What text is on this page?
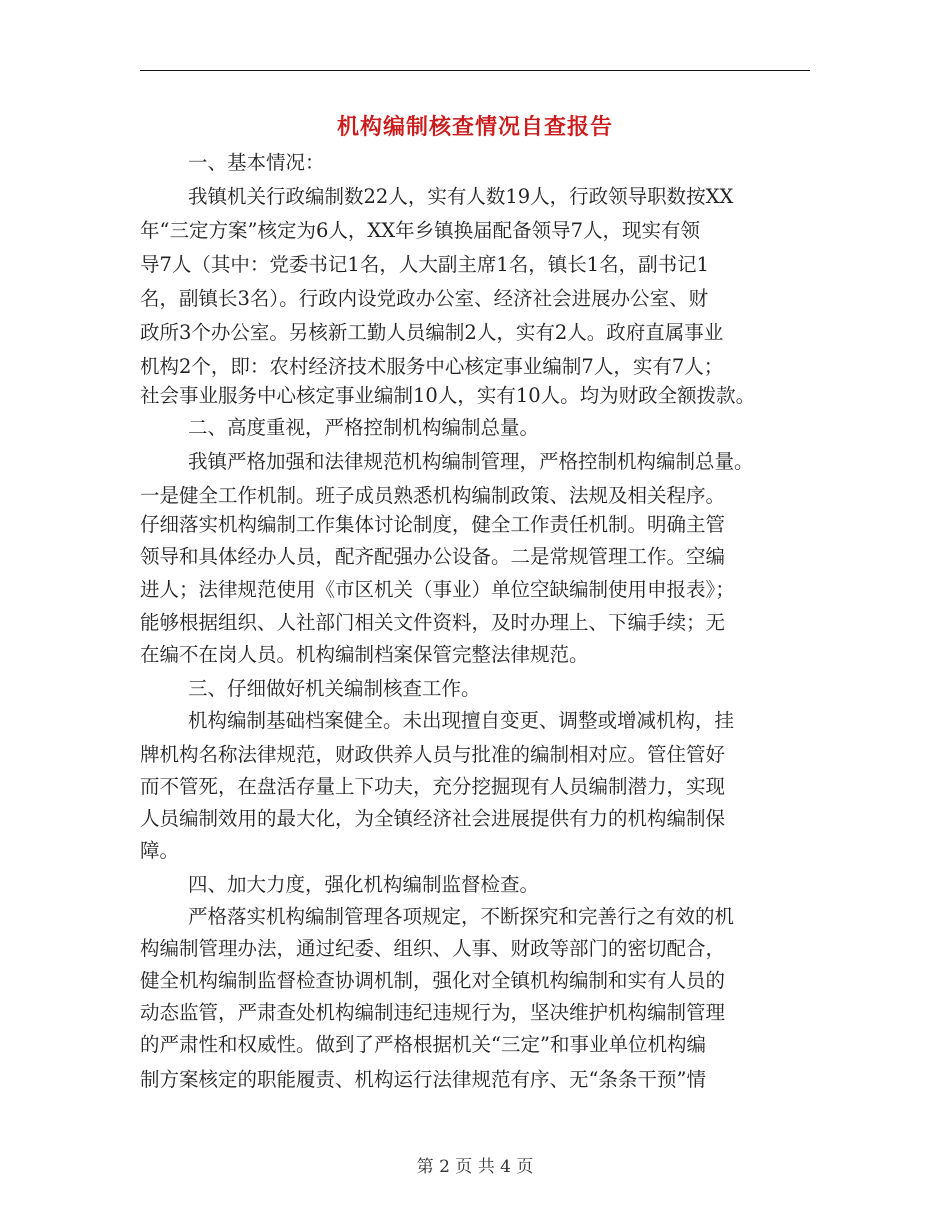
机构编制核查情况自查报告
一、基本情况：
我镇机关行政编制数22人，实有人数19人，行政领导职数按XX
年“三定方案”核定为6人，XX年乡镇换届配备领导7人，现实有领
导7人（其中：党委书记1名，人大副主席1名，镇长1名，副书记1
名，副镇长3名）。行政内设党政办公室、经济社会进展办公室、财
政所3个办公室。另核新工勤人员编制2人，实有2人。政府直属事业
机构2个，即：农村经济技术服务中心核定事业编制7人，实有7人；
社会事业服务中心核定事业编制10人，实有10人。均为财政全额拨款。
二、高度重视，严格控制机构编制总量。
我镇严格加强和法律规范机构编制管理，严格控制机构编制总量。
一是健全工作机制。班子成员熟悉机构编制政策、法规及相关程序。
仔细落实机构编制工作集体讨论制度，健全工作责任机制。明确主管
领导和具体经办人员，配齐配强办公设备。二是常规管理工作。空编
进人；法律规范使用《市区机关（事业）单位空缺编制使用申报表》；
能够根据组织、人社部门相关文件资料，及时办理上、下编手续；无
在编不在岗人员。机构编制档案保管完整法律规范。
三、仔细做好机关编制核查工作。
机构编制基础档案健全。未出现擅自变更、调整或增减机构，挂
牌机构名称法律规范，财政供养人员与批准的编制相对应。管住管好
而不管死，在盘活存量上下功夫，充分挖掘现有人员编制潜力，实现
人员编制效用的最大化，为全镇经济社会进展提供有力的机构编制保
障。
四、加大力度，强化机构编制监督检查。
严格落实机构编制管理各项规定，不断探究和完善行之有效的机
构编制管理办法，通过纪委、组织、人事、财政等部门的密切配合，
健全机构编制监督检查协调机制，强化对全镇机构编制和实有人员的
动态监管，严肃查处机构编制违纪违规行为，坚决维护机构编制管理
的严肃性和权威性。做到了严格根据机关“三定”和事业单位机构编
制方案核定的职能履责、机构运行法律规范有序、无“条条干预”情
第 2 页 共 4 页
